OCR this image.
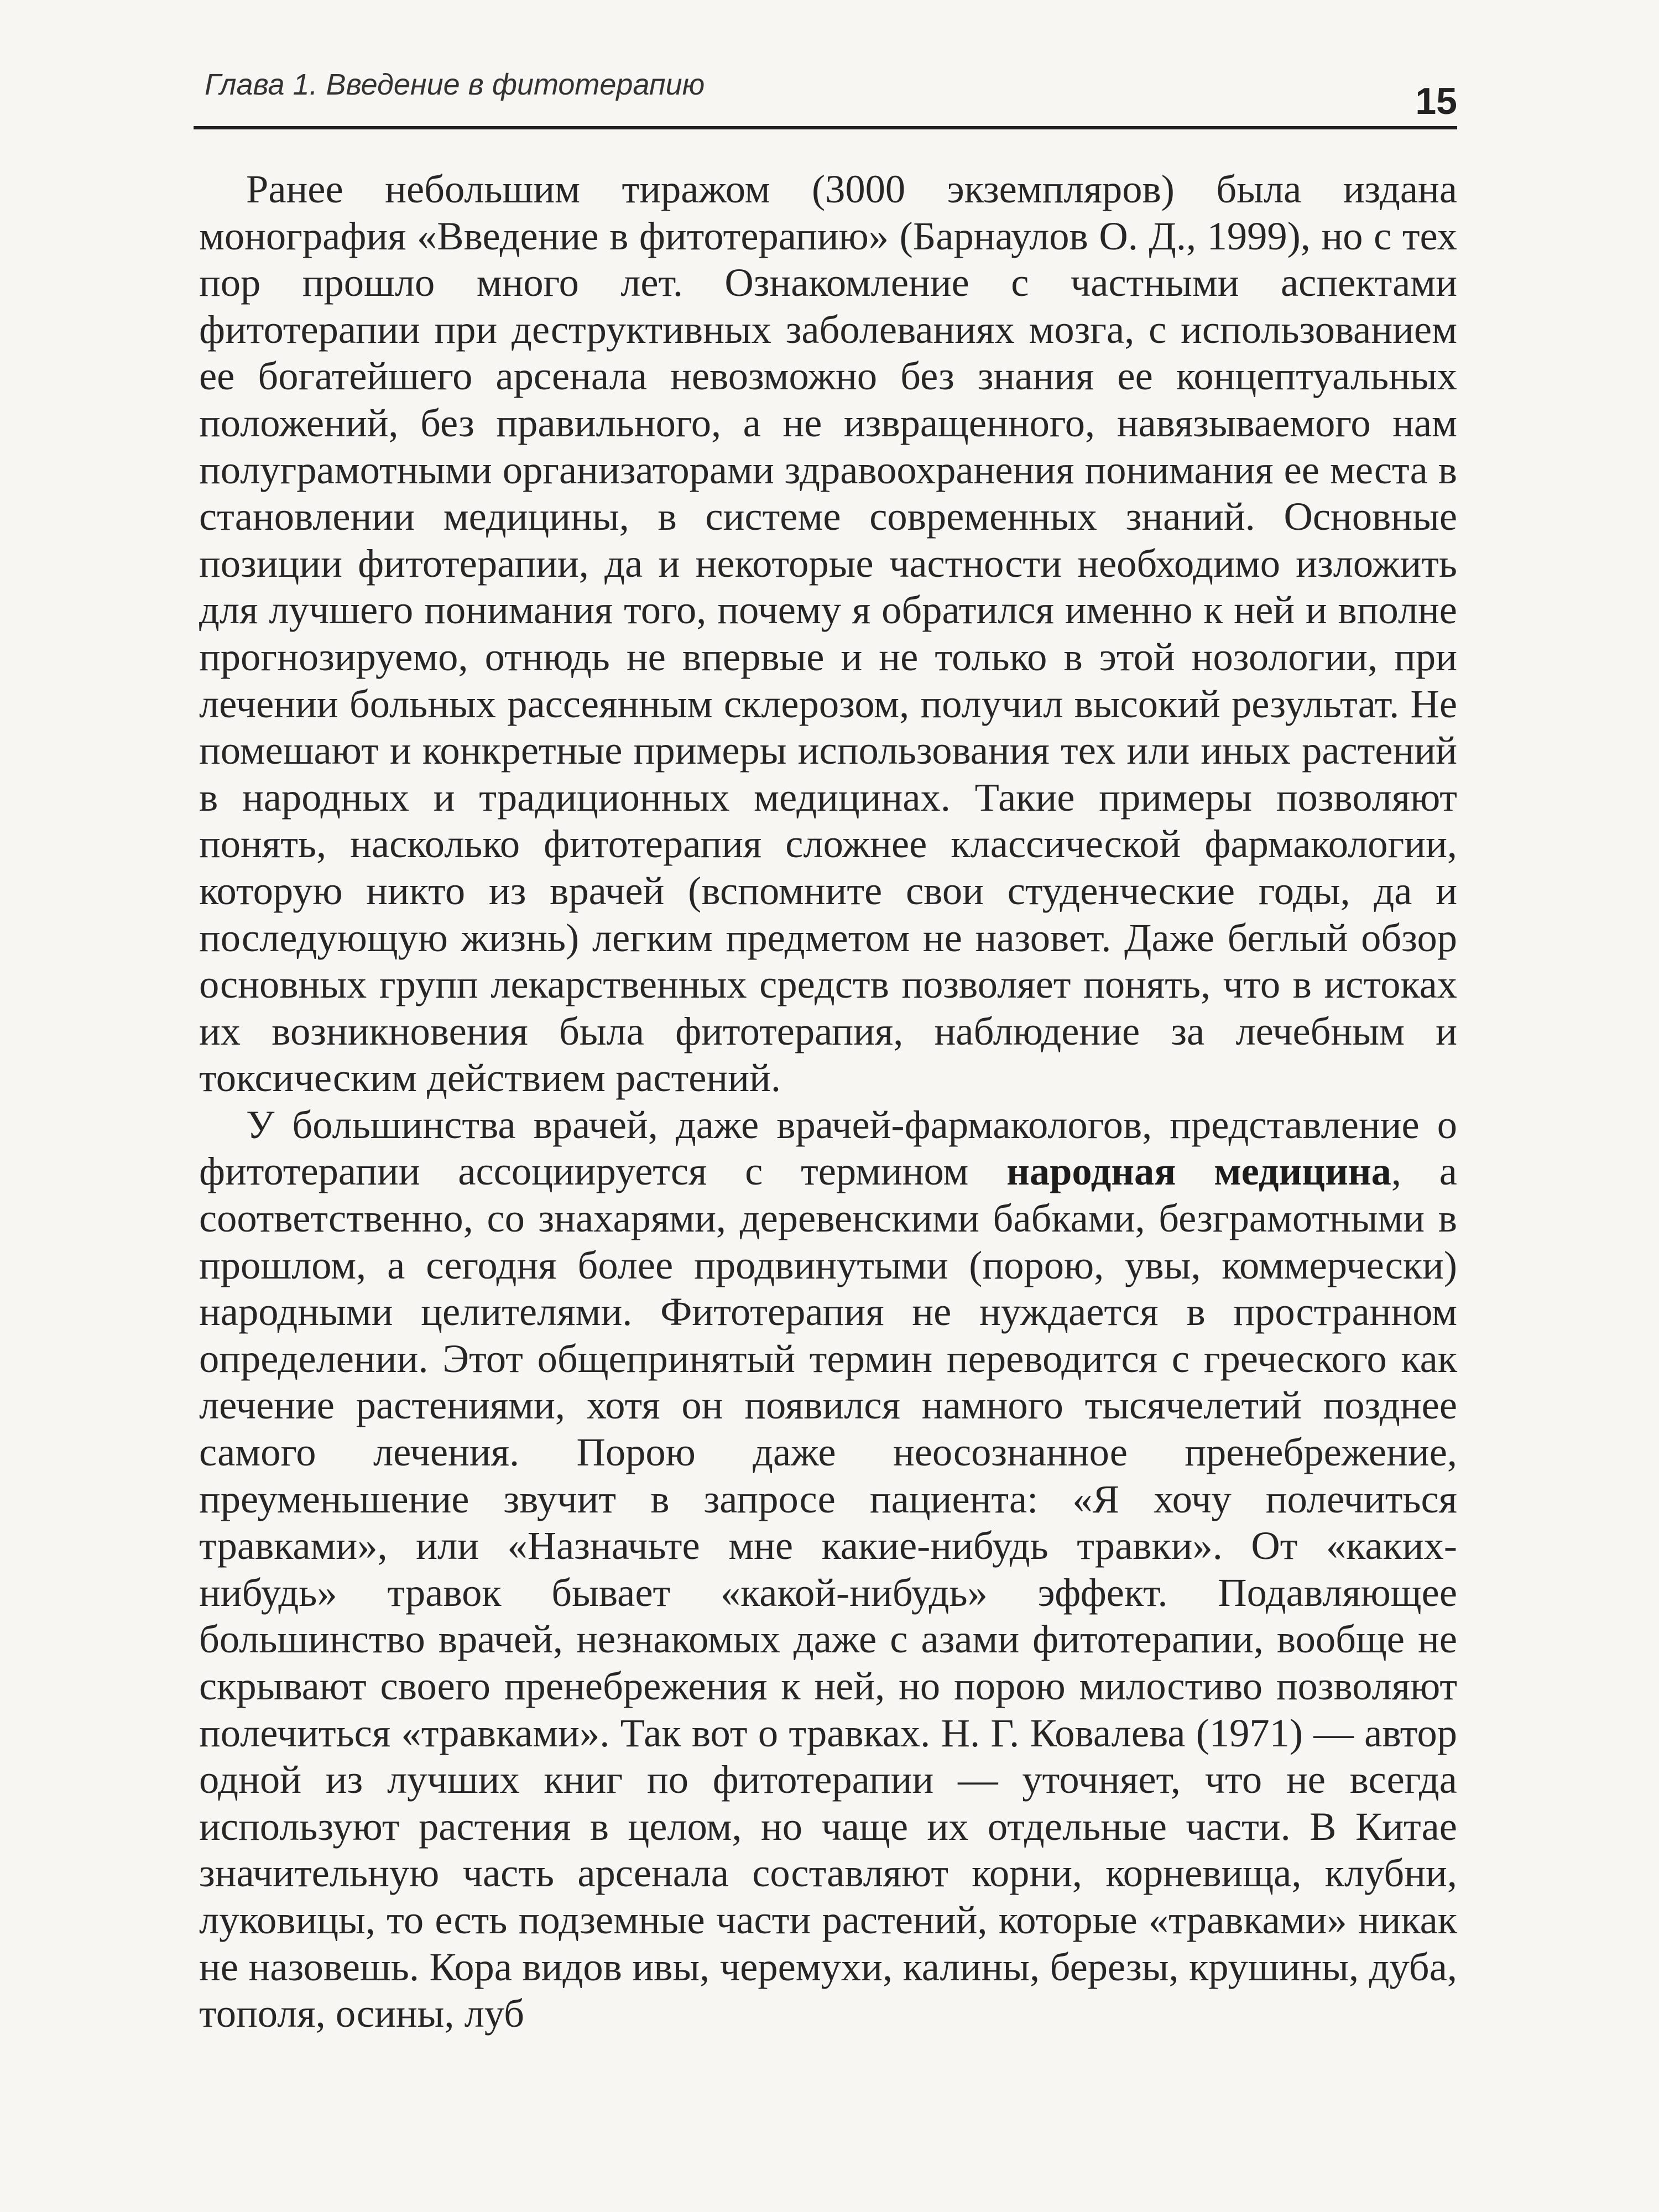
Глава 1. Введение в фитотерапию	15

Ранее небольшим тиражом (3000 экземпляров) была издана монография «Введение в фитотерапию» (Барнаулов О. Д., 1999), но с тех пор прошло много лет. Ознакомление с частными аспектами фитотерапии при деструктивных заболеваниях мозга, с использованием ее богатейшего арсенала невозможно без знания ее концептуальных положений, без правильного, а не извращенного, навязываемого нам полуграмотными организаторами здравоохранения понимания ее места в становлении медицины, в системе современных знаний. Основные позиции фитотерапии, да и некоторые частности необходимо изложить для лучшего понимания того, почему я обратился именно к ней и вполне прогнозируемо, отнюдь не впервые и не только в этой нозологии, при лечении больных рассеянным склерозом, получил высокий результат. Не помешают и конкретные примеры использования тех или иных растений в народных и традиционных медицинах. Такие примеры позволяют понять, насколько фитотерапия сложнее классической фармакологии, которую никто из врачей (вспомните свои студенческие годы, да и последующую жизнь) легким предметом не назовет. Даже беглый обзор основных групп лекарственных средств позволяет понять, что в истоках их возникновения была фитотерапия, наблюдение за лечебным и токсическим действием растений.

У большинства врачей, даже врачей-фармакологов, представление о фитотерапии ассоциируется с термином народная медицина, а соответственно, со знахарями, деревенскими бабками, безграмотными в прошлом, а сегодня более продвинутыми (порою, увы, коммерчески) народными целителями. Фитотерапия не нуждается в пространном определении. Этот общепринятый термин переводится с греческого как лечение растениями, хотя он появился намного тысячелетий позднее самого лечения. Порою даже неосознанное пренебрежение, преуменьшение звучит в запросе пациента: «Я хочу полечиться травками», или «Назначьте мне какие-нибудь травки». От «каких-нибудь» травок бывает «какой-нибудь» эффект. Подавляющее большинство врачей, незнакомых даже с азами фитотерапии, вообще не скрывают своего пренебрежения к ней, но порою милостиво позволяют полечиться «травками». Так вот о травках. Н. Г. Ковалева (1971) — автор одной из лучших книг по фитотерапии — уточняет, что не всегда используют растения в целом, но чаще их отдельные части. В Китае значительную часть арсенала составляют корни, корневища, клубни, луковицы, то есть подземные части растений, которые «травками» никак не назовешь. Кора видов ивы, черемухи, калины, березы, крушины, дуба, тополя, осины, луб
